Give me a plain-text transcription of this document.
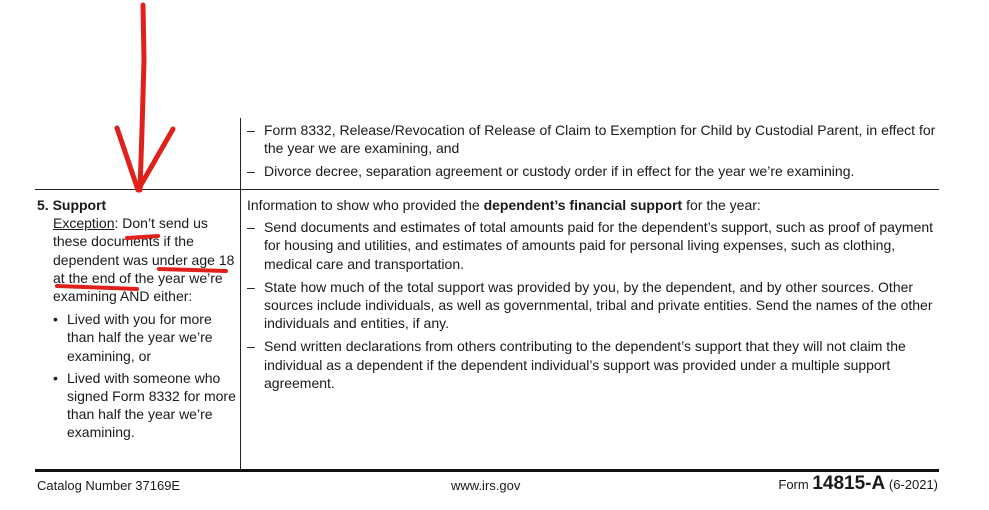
– Form 8332, Release/Revocation of Release of Claim to Exemption for Child by Custodial Parent, in effect for the year we are examining, and
– Divorce decree, separation agreement or custody order if in effect for the year we’re examining.
5. Support
Exception: Don’t send us these documents if the dependent was under age 18 at the end of the year we’re examining AND either:
• Lived with you for more than half the year we’re examining, or
• Lived with someone who signed Form 8332 for more than half the year we’re examining.
Information to show who provided the dependent’s financial support for the year:
– Send documents and estimates of total amounts paid for the dependent’s support, such as proof of payment for housing and utilities, and estimates of amounts paid for personal living expenses, such as clothing, medical care and transportation.
– State how much of the total support was provided by you, by the dependent, and by other sources. Other sources include individuals, as well as governmental, tribal and private entities. Send the names of the other individuals and entities, if any.
– Send written declarations from others contributing to the dependent’s support that they will not claim the individual as a dependent if the dependent individual’s support was provided under a multiple support agreement.
Catalog Number 37169E	www.irs.gov	Form 14815-A (6-2021)
